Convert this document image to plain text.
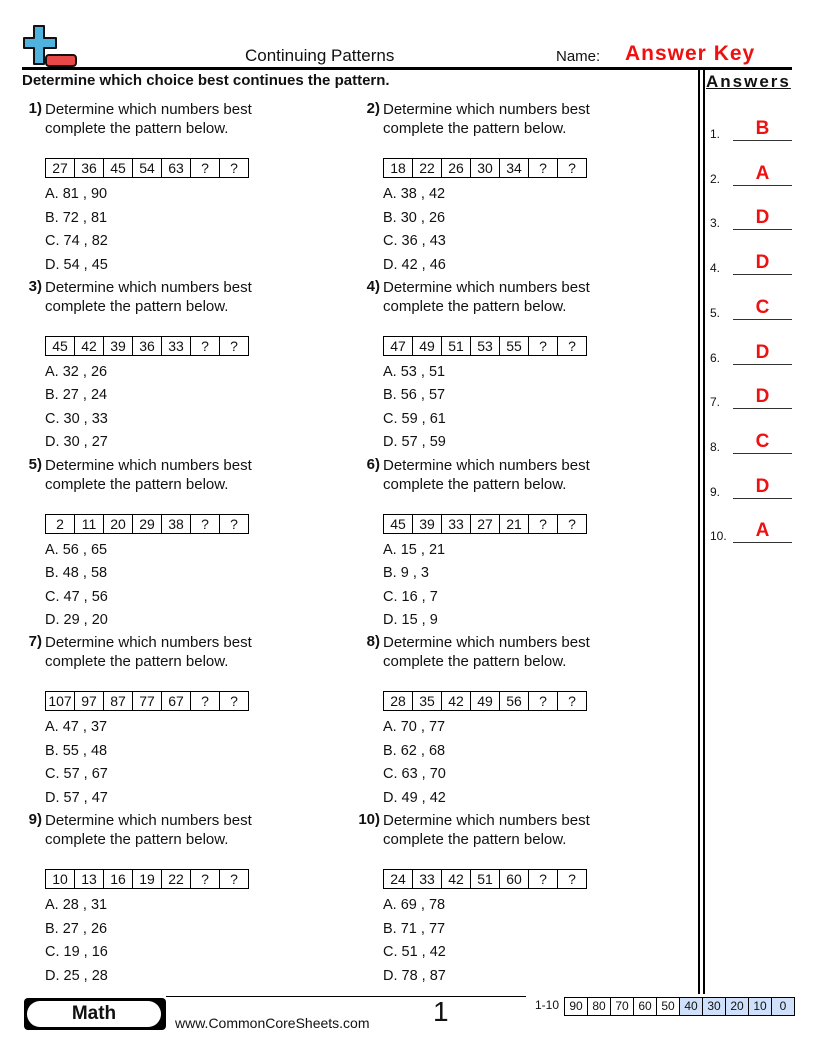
Continuing Patterns	Name: Answer Key
Determine which choice best continues the pattern.	Answers
1.	B
2.	A
3.	D
4.	D
5.	C
6.	D
7.	D
8.	C
9.	D
10.	A
1) Determine which numbers best complete the pattern below.
27 36 45 54 63	?	?
A. 81 , 90
B. 72 , 81
C. 74 , 82
D. 54 , 45
2) Determine which numbers best complete the pattern below.
18 22 26 30 34	?	?
A. 38 , 42
B. 30 , 26
C. 36 , 43
D. 42 , 46
3) Determine which numbers best complete the pattern below.
45 42 39 36 33	?	?
A. 32 , 26
B. 27 , 24
C. 30 , 33
D. 30 , 27
4) Determine which numbers best complete the pattern below.
47 49 51 53 55	?	?
A. 53 , 51
B. 56 , 57
C. 59 , 61
D. 57 , 59
5) Determine which numbers best complete the pattern below.
2	11 20 29 38	?	?
A. 56 , 65
B. 48 , 58
C. 47 , 56
D. 29 , 20
6) Determine which numbers best complete the pattern below.
45 39 33 27 21	?	?
A. 15 , 21
B. 9 , 3
C. 16 , 7
D. 15 , 9
7) Determine which numbers best complete the pattern below.
107 97 87 77 67	?	?
A. 47 , 37
B. 55 , 48
C. 57 , 67
D. 57 , 47
8) Determine which numbers best complete the pattern below.
28 35 42 49 56	?	?
A. 70 , 77
B. 62 , 68
C. 63 , 70
D. 49 , 42
9) Determine which numbers best complete the pattern below.
10 13 16 19 22	?	?
A. 28 , 31
B. 27 , 26
C. 19 , 16
D. 25 , 28
10) Determine which numbers best complete the pattern below.
24 33 42 51 60	?	?
A. 69 , 78
B. 71 , 77
C. 51 , 42
D. 78 , 87
Math	www.CommonCoreSheets.com 1	1-10 90 80 70 60 50 40 30 20 10	0
